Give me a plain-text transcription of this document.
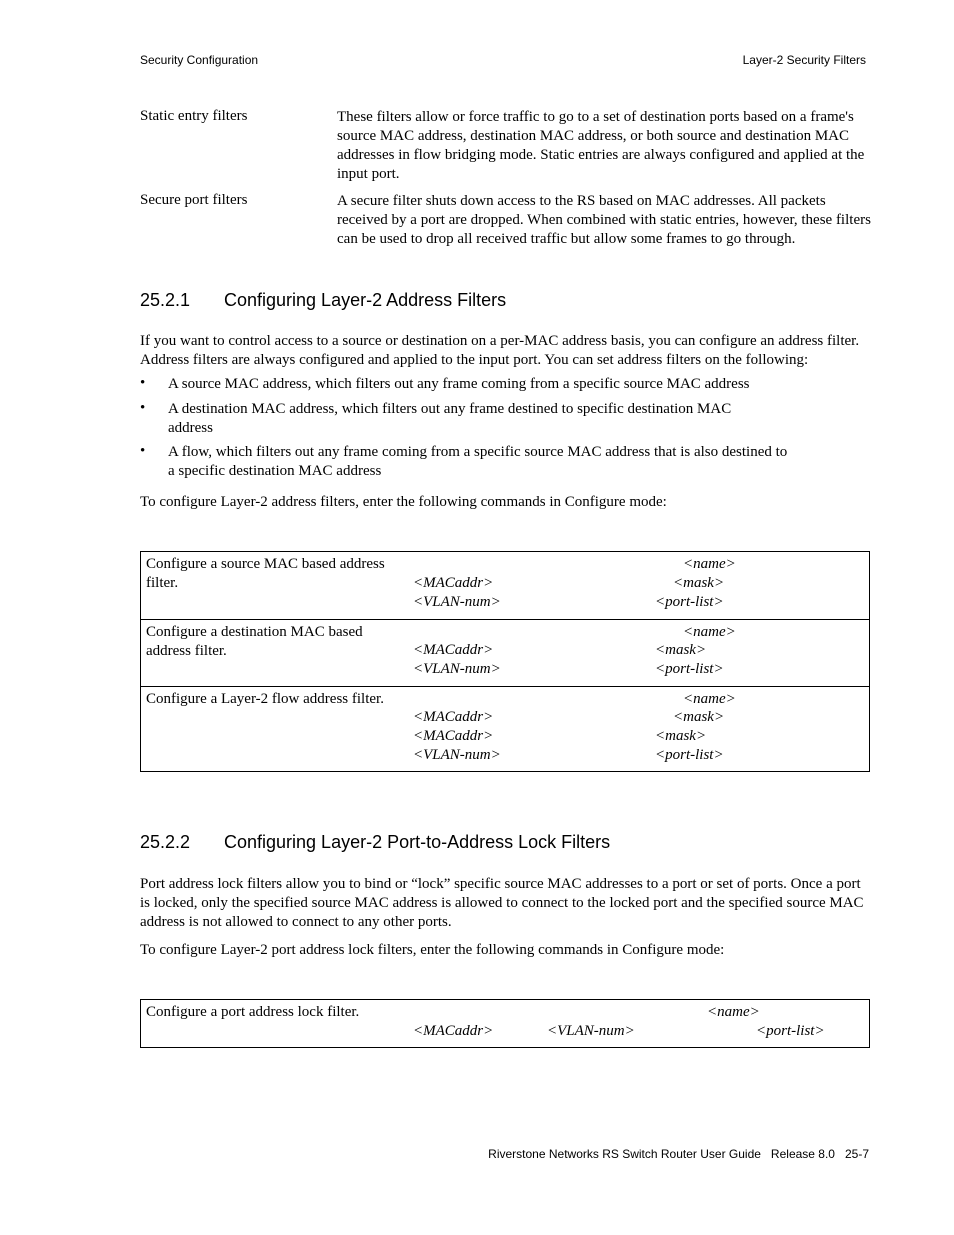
Security Configuration	Layer-2 Security Filters
Static entry filters	These filters allow or force traffic to go to a set of destination ports based on a frame's source MAC address, destination MAC address, or both source and destination MAC addresses in flow bridging mode. Static entries are always configured and applied at the input port.
Secure port filters	A secure filter shuts down access to the RS based on MAC addresses. All packets received by a port are dropped. When combined with static entries, however, these filters can be used to drop all received traffic but allow some frames to go through.
25.2.1 Configuring Layer-2 Address Filters
If you want to control access to a source or destination on a per-MAC address basis, you can configure an address filter. Address filters are always configured and applied to the input port. You can set address filters on the following:
• A source MAC address, which filters out any frame coming from a specific source MAC address
• A destination MAC address, which filters out any frame destined to specific destination MAC address
• A flow, which filters out any frame coming from a specific source MAC address that is also destined to a specific destination MAC address
To configure Layer-2 address filters, enter the following commands in Configure mode:
Configure a source MAC based address
filter.
<name>
<MACaddr>	<mask>
<VLAN-num>	<port-list>
Configure a destination MAC based
address filter.
<name>
<MACaddr>	<mask>
<VLAN-num>	<port-list>
Configure a Layer-2 flow address filter.	<name>
<MACaddr>	<mask>
<MACaddr>	<mask>
<VLAN-num>	<port-list>
25.2.2 Configuring Layer-2 Port-to-Address Lock Filters
Port address lock filters allow you to bind or “lock” specific source MAC addresses to a port or set of ports. Once a port is locked, only the specified source MAC address is allowed to connect to the locked port and the specified source MAC address is not allowed to connect to any other ports.
To configure Layer-2 port address lock filters, enter the following commands in Configure mode:
Configure a port address lock filter.	<name>
<MACaddr>	<VLAN-num>	<port-list>
Riverstone Networks RS Switch Router User Guide   Release 8.0   25-7
